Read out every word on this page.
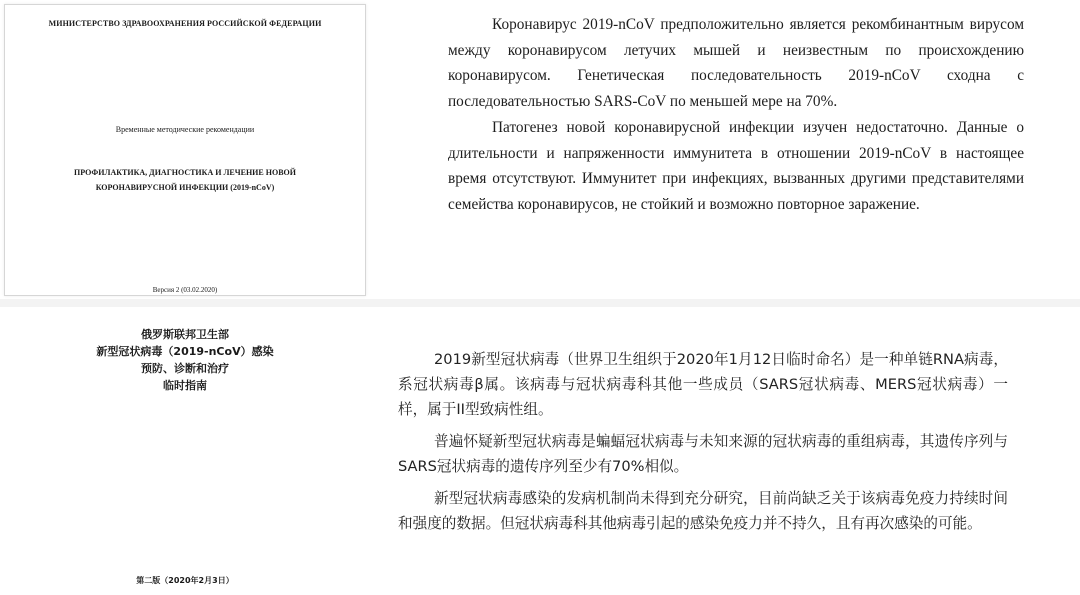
МИНИСТЕРСТВО ЗДРАВООХРАНЕНИЯ РОССИЙСКОЙ ФЕДЕРАЦИИ
Временные методические рекомендации
ПРОФИЛАКТИКА, ДИАГНОСТИКА И ЛЕЧЕНИЕ НОВОЙ
КОРОНАВИРУСНОЙ ИНФЕКЦИИ (2019-nCoV)
Версия 2 (03.02.2020)

Коронавирус 2019-nCoV предположительно является рекомбинантным вирусом между коронавирусом летучих мышей и неизвестным по происхождению коронавирусом. Генетическая последовательность 2019-nCoV сходна с последовательностью SARS-CoV по меньшей мере на 70%.

Патогенез новой коронавирусной инфекции изучен недостаточно. Данные о длительности и напряженности иммунитета в отношении 2019-nCoV в настоящее время отсутствуют. Иммунитет при инфекциях, вызванных другими представителями семейства коронавирусов, не стойкий и возможно повторное заражение.

俄罗斯联邦卫生部
新型冠状病毒（2019-nCoV）感染
预防、诊断和治疗
临时指南
第二版（2020年2月3日）

2019新型冠状病毒（世界卫生组织于2020年1月12日临时命名）是一种单链RNA病毒，系冠状病毒β属。该病毒与冠状病毒科其他一些成员（SARS冠状病毒、MERS冠状病毒）一样，属于II型致病性组。

普遍怀疑新型冠状病毒是蝙蝠冠状病毒与未知来源的冠状病毒的重组病毒，其遗传序列与SARS冠状病毒的遗传序列至少有70%相似。

新型冠状病毒感染的发病机制尚未得到充分研究，目前尚缺乏关于该病毒免疫力持续时间和强度的数据。但冠状病毒科其他病毒引起的感染免疫力并不持久，且有再次感染的可能。
